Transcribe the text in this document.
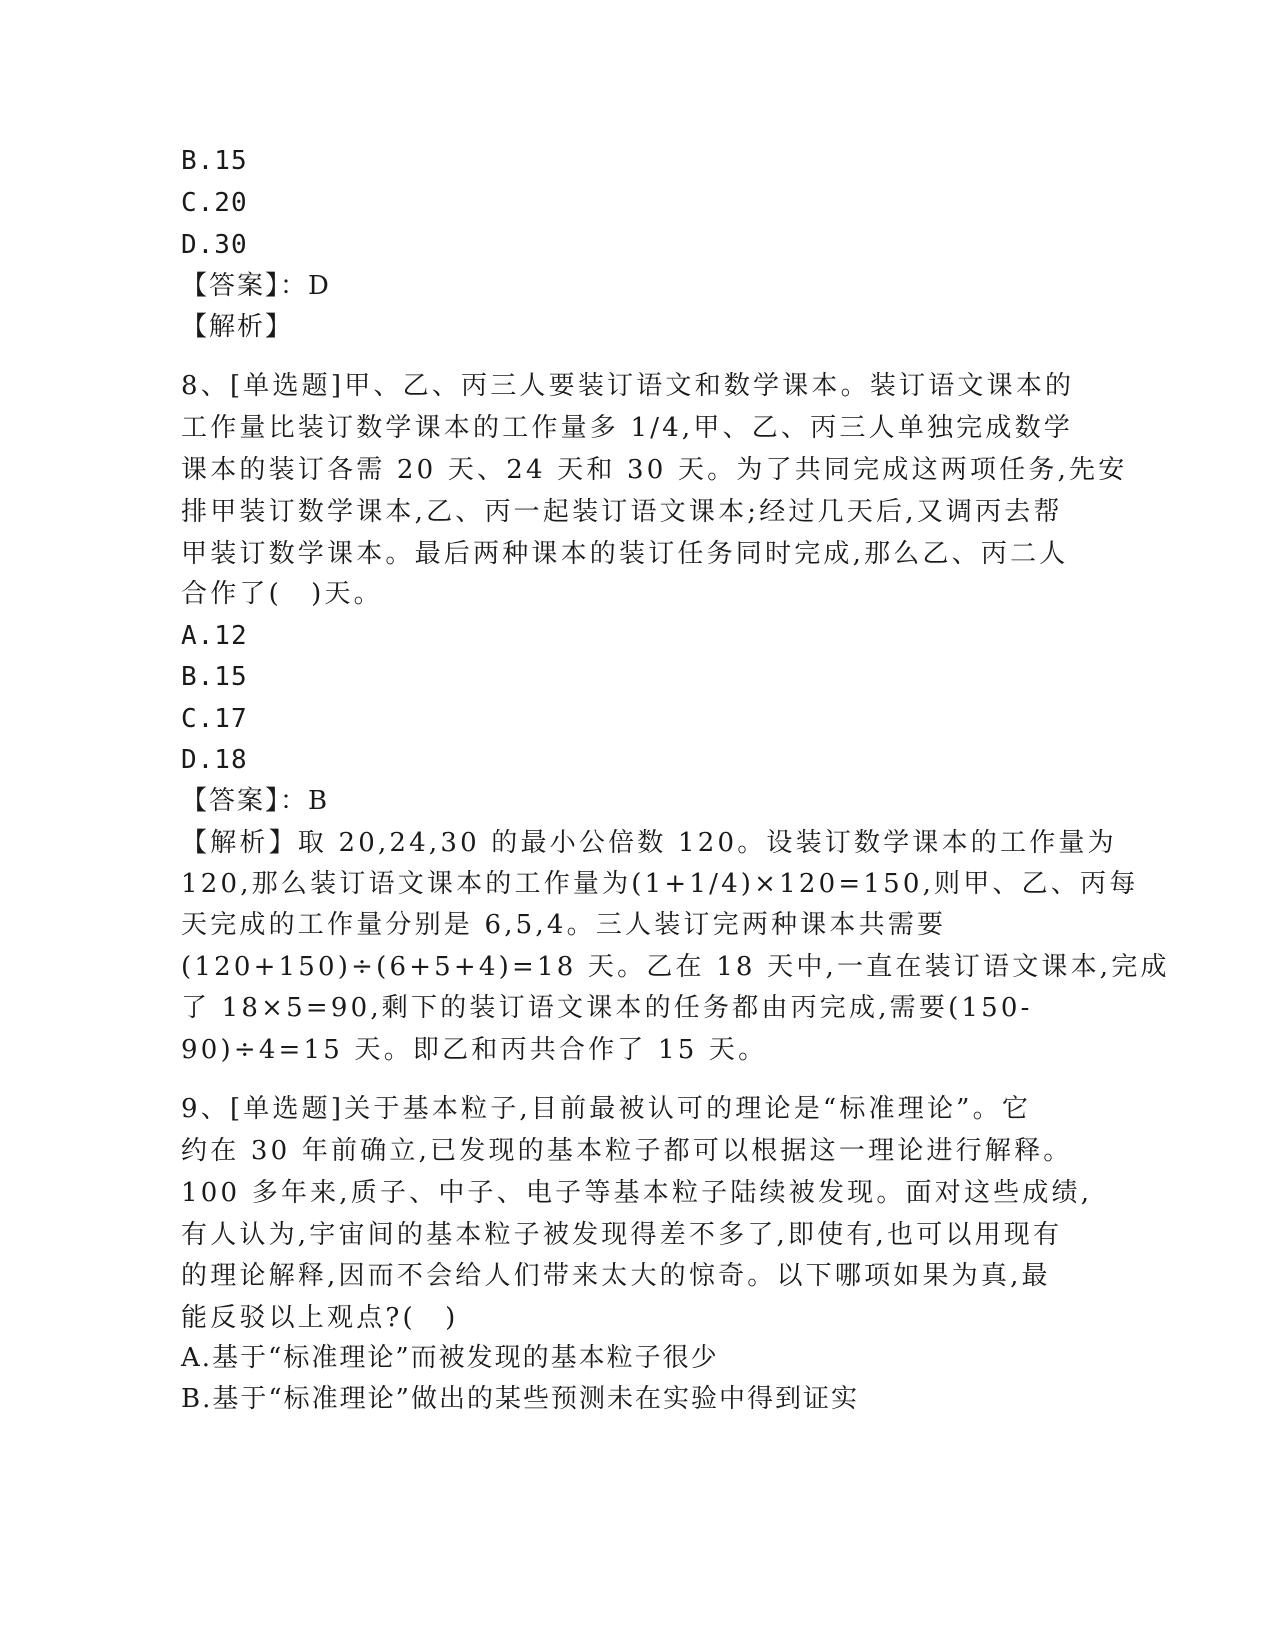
B.15
C.20
D.30
【答案】：D
【解析】
8、[单选题]甲、乙、丙三人要装订语文和数学课本。装订语文课本的
工作量比装订数学课本的工作量多 1/4,甲、乙、丙三人单独完成数学
课本的装订各需 20 天、24 天和 30 天。为了共同完成这两项任务,先安
排甲装订数学课本,乙、丙一起装订语文课本;经过几天后,又调丙去帮
甲装订数学课本。最后两种课本的装订任务同时完成,那么乙、丙二人
合作了(　)天。
A.12
B.15
C.17
D.18
【答案】：B
【解析】取 20,24,30 的最小公倍数 120。设装订数学课本的工作量为
120,那么装订语文课本的工作量为(1+1/4)×120=150,则甲、乙、丙每
天完成的工作量分别是 6,5,4。三人装订完两种课本共需要
(120+150)÷(6+5+4)=18 天。乙在 18 天中,一直在装订语文课本,完成
了 18×5=90,剩下的装订语文课本的任务都由丙完成,需要(150-
90)÷4=15 天。即乙和丙共合作了 15 天。
9、[单选题]关于基本粒子,目前最被认可的理论是“标准理论”。它
约在 30 年前确立,已发现的基本粒子都可以根据这一理论进行解释。
100 多年来,质子、中子、电子等基本粒子陆续被发现。面对这些成绩,
有人认为,宇宙间的基本粒子被发现得差不多了,即使有,也可以用现有
的理论解释,因而不会给人们带来太大的惊奇。以下哪项如果为真,最
能反驳以上观点?(　)
A.基于“标准理论”而被发现的基本粒子很少
B.基于“标准理论”做出的某些预测未在实验中得到证实
